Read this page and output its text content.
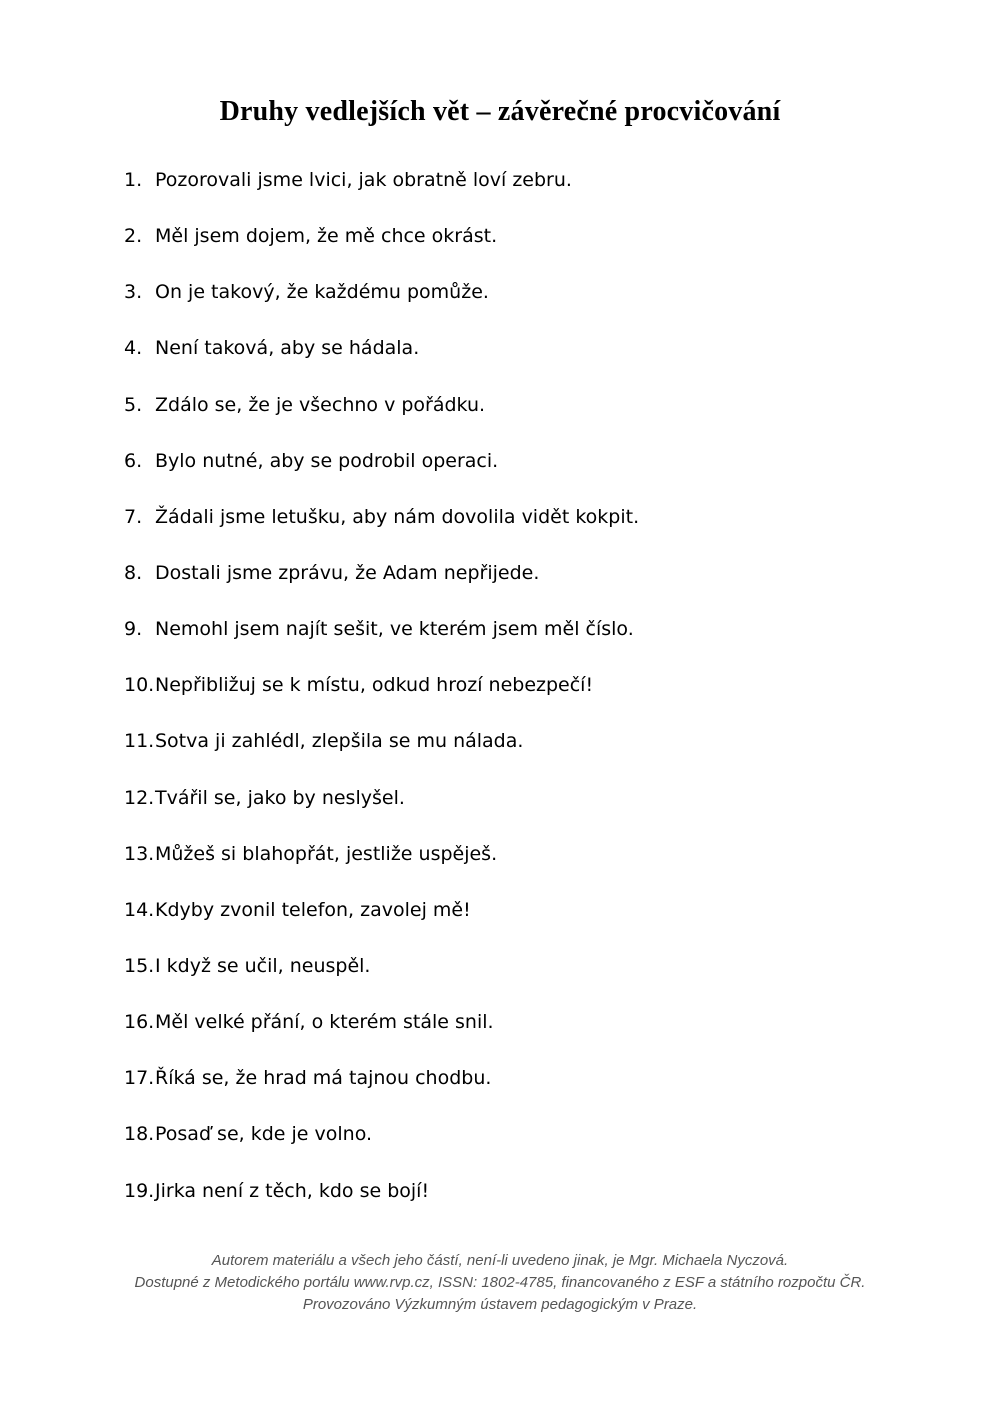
Druhy vedlejších vět – závěrečné procvičování
1. Pozorovali jsme lvici, jak obratně loví zebru.
2. Měl jsem dojem, že mě chce okrást.
3. On je takový, že každému pomůže.
4. Není taková, aby se hádala.
5. Zdálo se, že je všechno v pořádku.
6. Bylo nutné, aby se podrobil operaci.
7. Žádali jsme letušku, aby nám dovolila vidět kokpit.
8. Dostali jsme zprávu, že Adam nepřijede.
9. Nemohl jsem najít sešit, ve kterém jsem měl číslo.
10. Nepřibližuj se k místu, odkud hrozí nebezpečí!
11. Sotva ji zahlédl, zlepšila se mu nálada.
12. Tvářil se, jako by neslyšel.
13. Můžeš si blahopřát, jestliže uspěješ.
14. Kdyby zvonil telefon, zavolej mě!
15. I když se učil, neuspěl.
16. Měl velké přání, o kterém stále snil.
17. Říká se, že hrad má tajnou chodbu.
18. Posaď se, kde je volno.
19. Jirka není z těch, kdo se bojí!
Autorem materiálu a všech jeho částí, není-li uvedeno jinak, je Mgr. Michaela Nyczová.
Dostupné z Metodického portálu www.rvp.cz, ISSN: 1802-4785, financovaného z ESF a státního rozpočtu ČR.
Provozováno Výzkumným ústavem pedagogickým v Praze.
